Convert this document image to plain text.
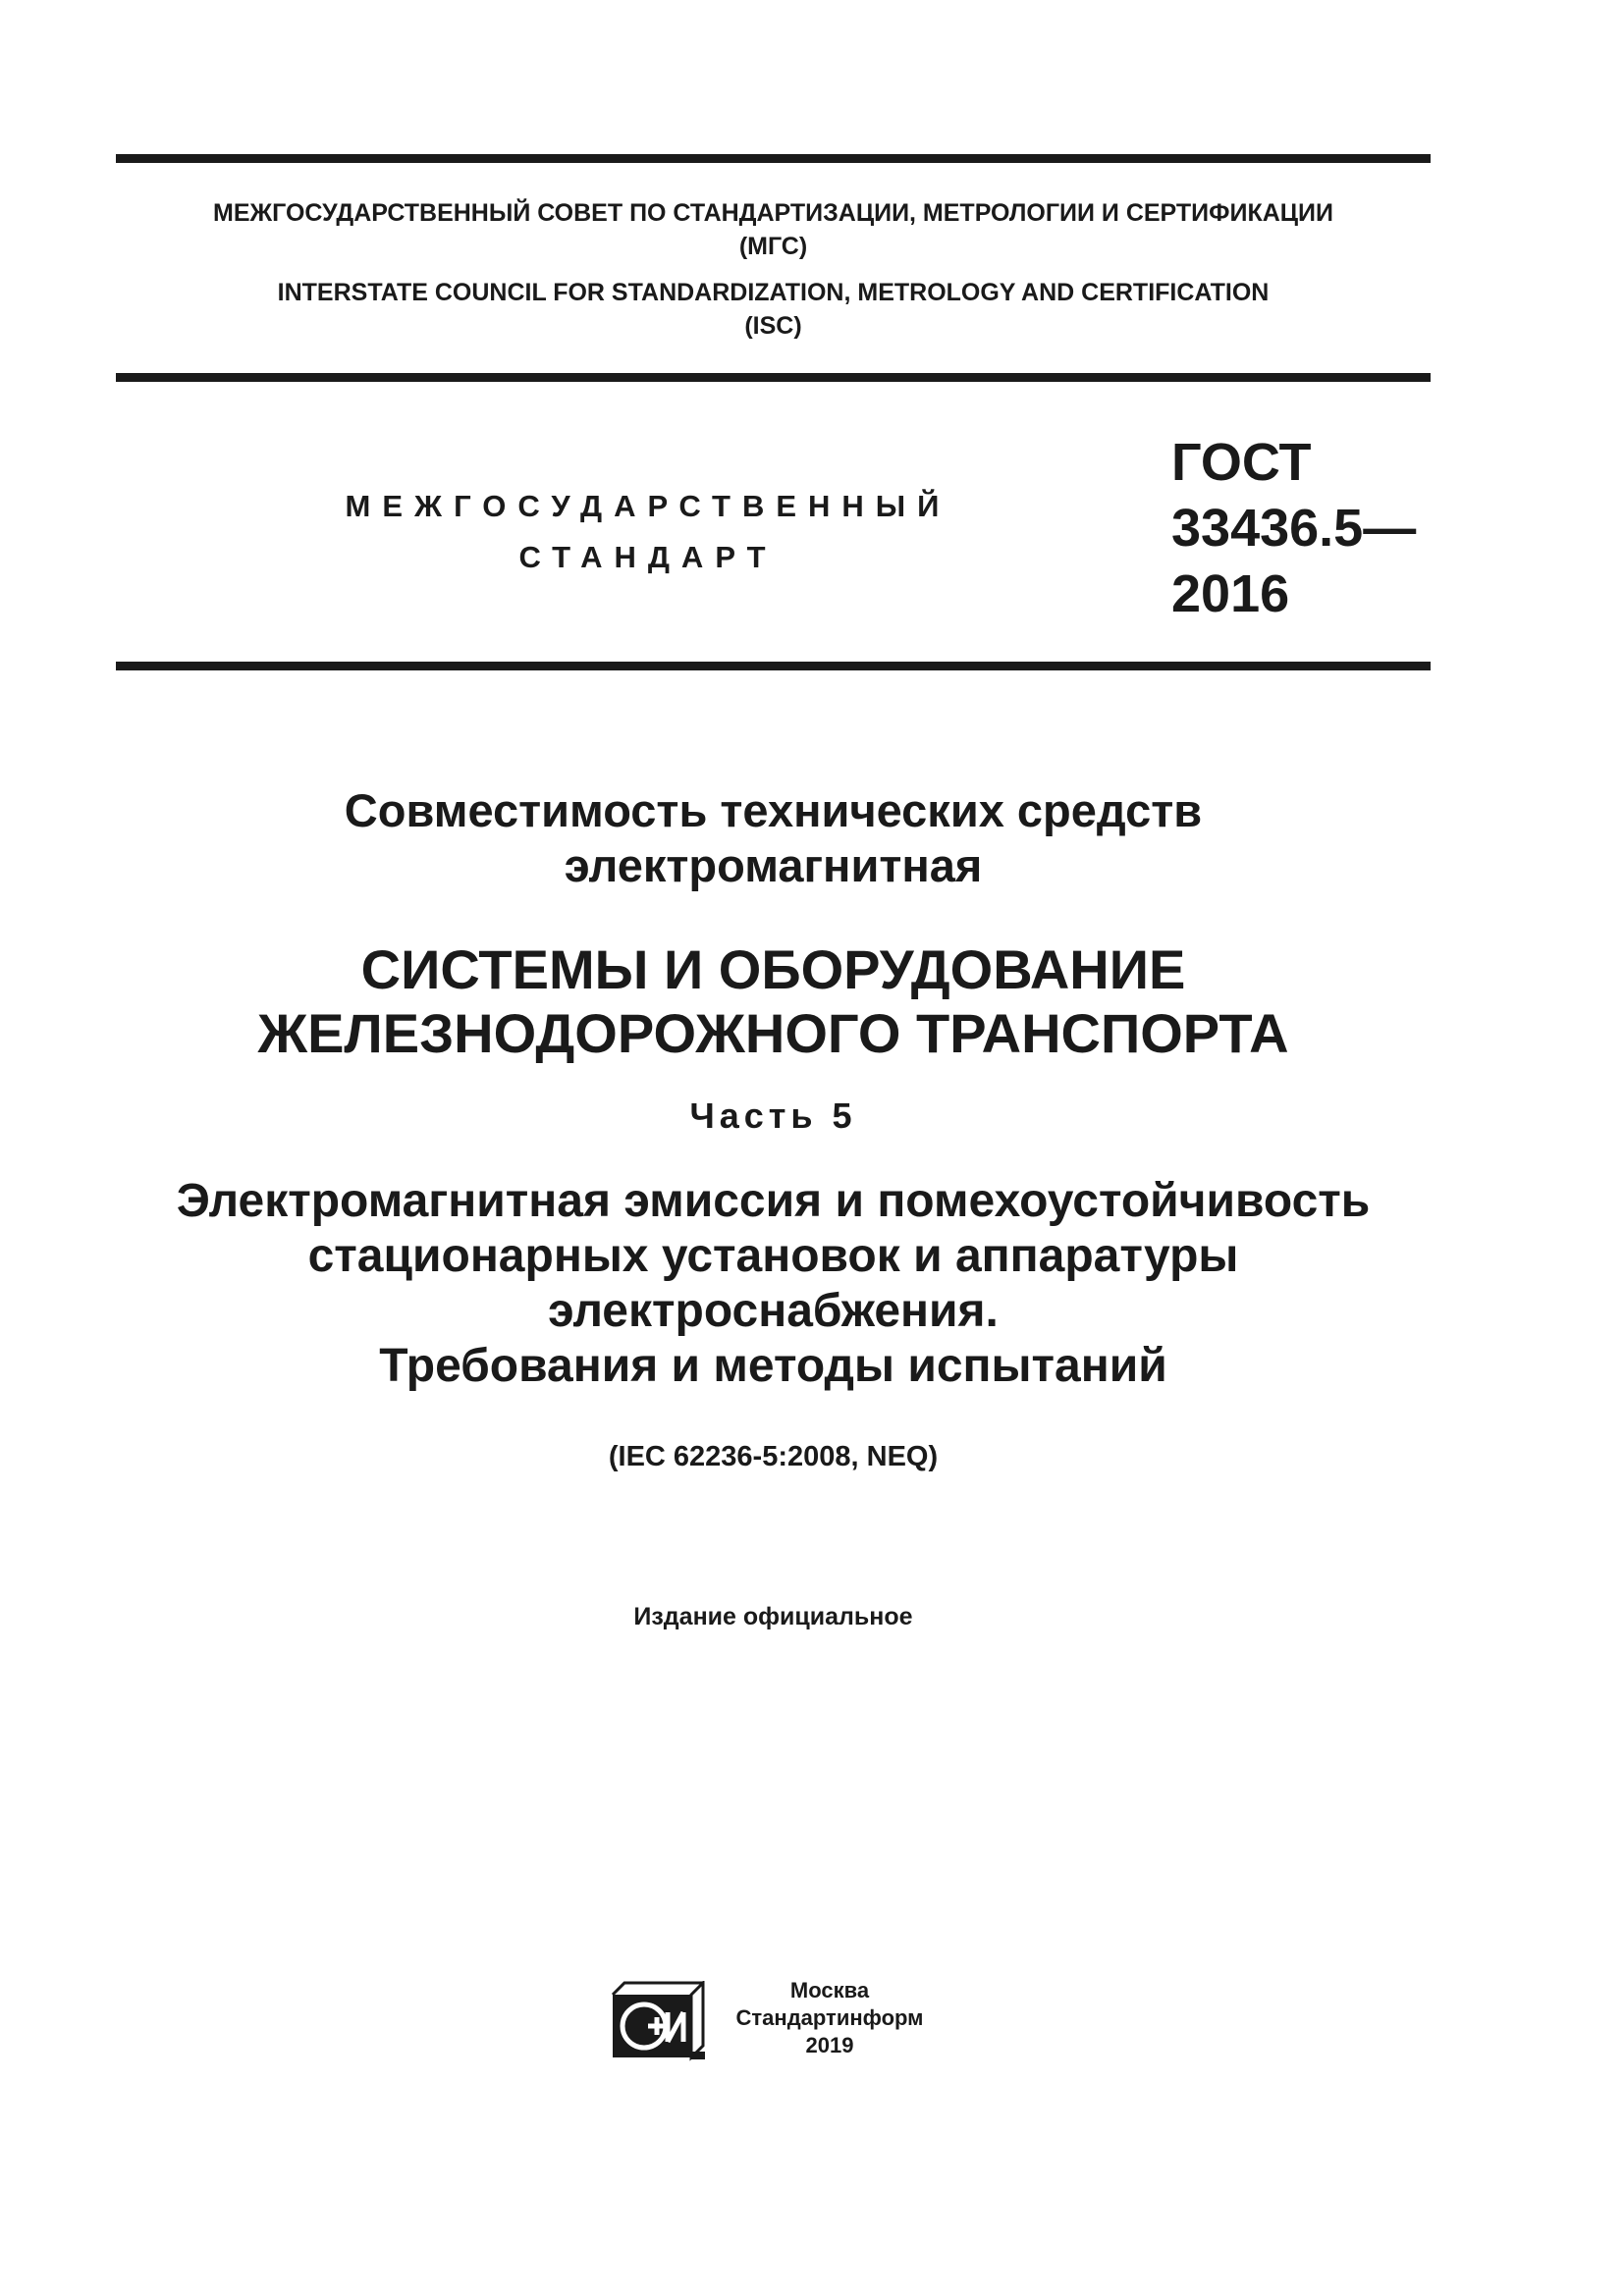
МЕЖГОСУДАРСТВЕННЫЙ СОВЕТ ПО СТАНДАРТИЗАЦИИ, МЕТРОЛОГИИ И СЕРТИФИКАЦИИ
(МГС)
INTERSTATE COUNCIL FOR STANDARDIZATION, METROLOGY AND CERTIFICATION
(ISC)
МЕЖГОСУДАРСТВЕННЫЙ
СТАНДАРТ
ГОСТ
33436.5—
2016
Совместимость технических средств
электромагнитная
СИСТЕМЫ И ОБОРУДОВАНИЕ
ЖЕЛЕЗНОДОРОЖНОГО ТРАНСПОРТА
Часть 5
Электромагнитная эмиссия и помехоустойчивость
стационарных установок и аппаратуры
электроснабжения.
Требования и методы испытаний
(IEC 62236-5:2008, NEQ)
Издание официальное
Москва
Стандартинформ
2019
